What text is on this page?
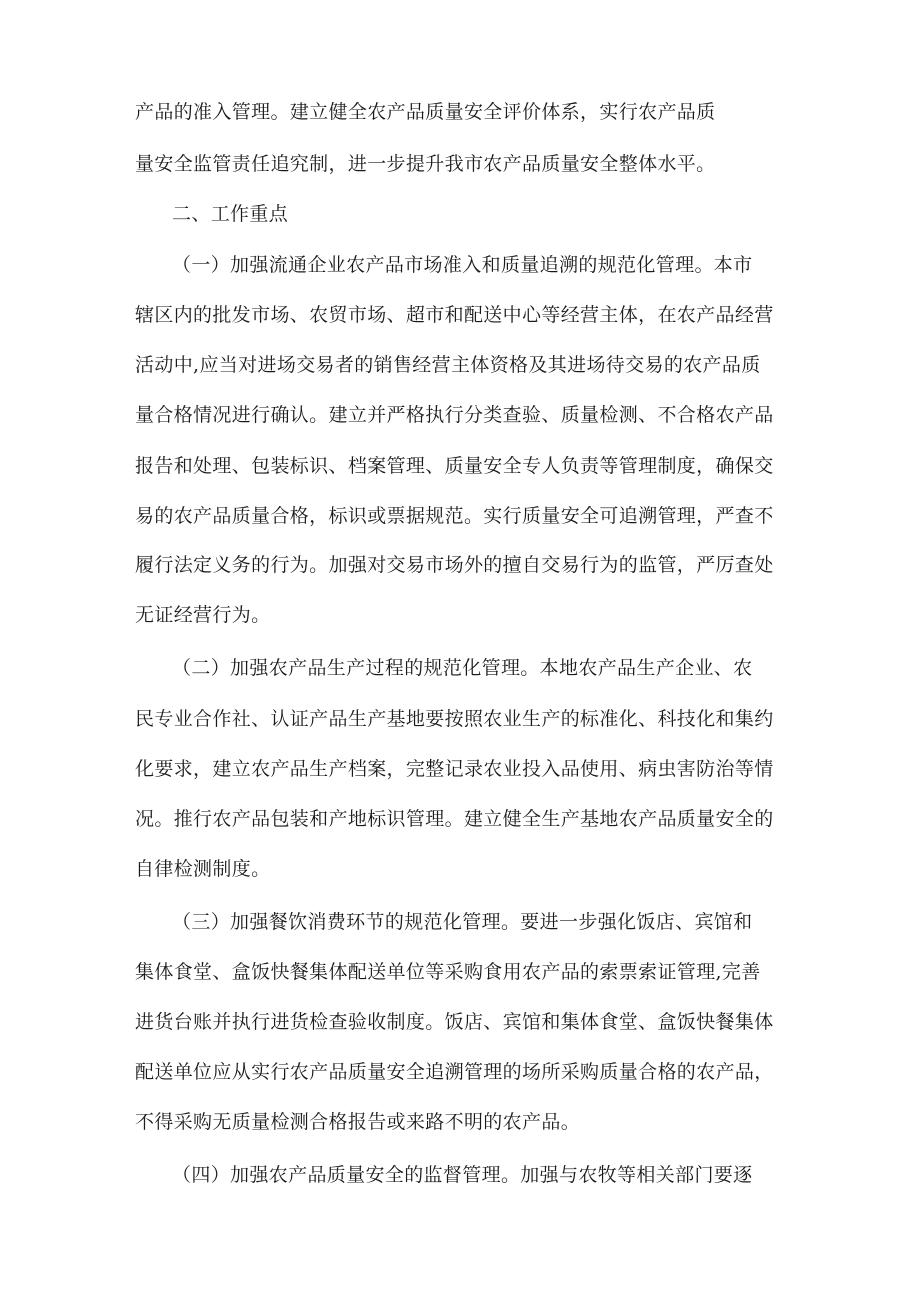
产品的准入管理。建立健全农产品质量安全评价体系，实行农产品质
量安全监管责任追究制，进一步提升我市农产品质量安全整体水平。
二、工作重点
（一）加强流通企业农产品市场准入和质量追溯的规范化管理。本市
辖区内的批发市场、农贸市场、超市和配送中心等经营主体，在农产品经营
活动中,应当对进场交易者的销售经营主体资格及其进场待交易的农产品质
量合格情况进行确认。建立并严格执行分类查验、质量检测、不合格农产品
报告和处理、包装标识、档案管理、质量安全专人负责等管理制度，确保交
易的农产品质量合格，标识或票据规范。实行质量安全可追溯管理，严查不
履行法定义务的行为。加强对交易市场外的擅自交易行为的监管，严厉查处
无证经营行为。
（二）加强农产品生产过程的规范化管理。本地农产品生产企业、农
民专业合作社、认证产品生产基地要按照农业生产的标准化、科技化和集约
化要求，建立农产品生产档案，完整记录农业投入品使用、病虫害防治等情
况。推行农产品包装和产地标识管理。建立健全生产基地农产品质量安全的
自律检测制度。
（三）加强餐饮消费环节的规范化管理。要进一步强化饭店、宾馆和
集体食堂、盒饭快餐集体配送单位等采购食用农产品的索票索证管理,完善
进货台账并执行进货检查验收制度。饭店、宾馆和集体食堂、盒饭快餐集体
配送单位应从实行农产品质量安全追溯管理的场所采购质量合格的农产品，
不得采购无质量检测合格报告或来路不明的农产品。
（四）加强农产品质量安全的监督管理。加强与农牧等相关部门要逐
